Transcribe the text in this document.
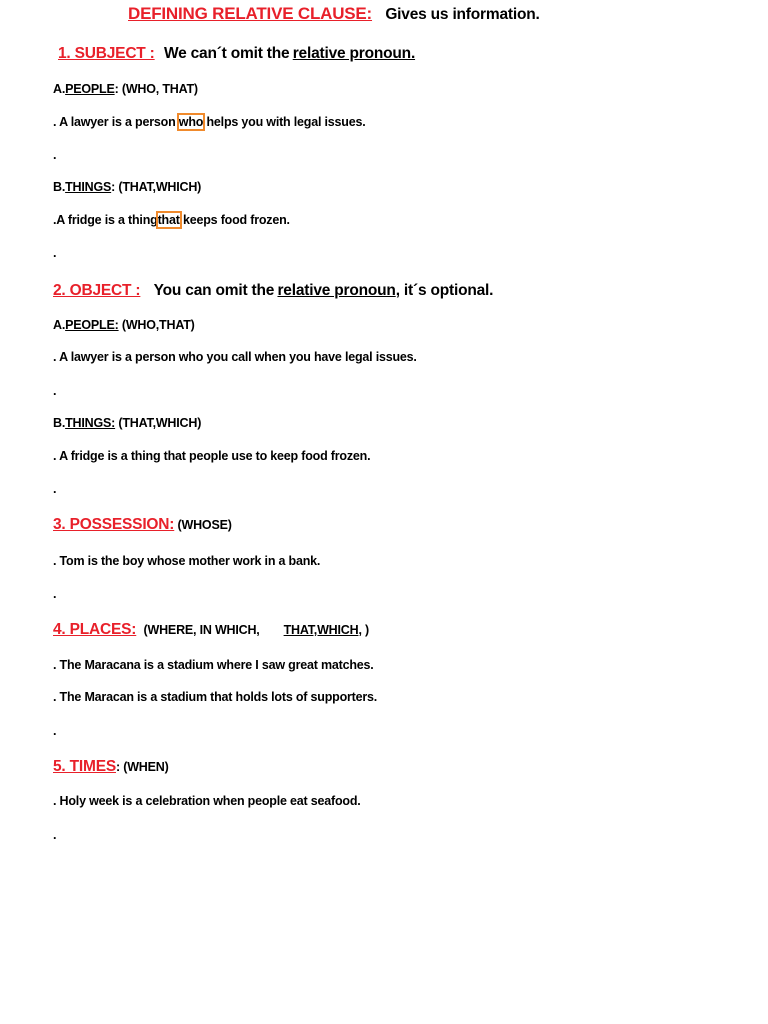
DEFINING RELATIVE CLAUSE: Gives us information.
1. SUBJECT : We can´t omit the relative pronoun.
A.PEOPLE: (WHO, THAT)
. A lawyer is a person who helps you with legal issues.
.
B.THINGS: (THAT,WHICH)
.A fridge is a thingthat keeps food frozen.
.
2. OBJECT : You can omit the relative pronoun, it´s optional.
A.PEOPLE: (WHO,THAT)
. A lawyer is a person who you call when you have legal issues.
.
B.THINGS: (THAT,WHICH)
. A fridge is a thing that people use to keep food frozen.
.
3. POSSESSION: (WHOSE)
. Tom is the boy whose mother work in a bank.
.
4. PLACES: (WHERE, IN WHICH, THAT,WHICH, )
. The Maracana is a stadium where I saw great matches.
. The Maracan is a stadium that holds lots of supporters.
.
5. TIMES: (WHEN)
. Holy week is a celebration when people eat seafood.
.
